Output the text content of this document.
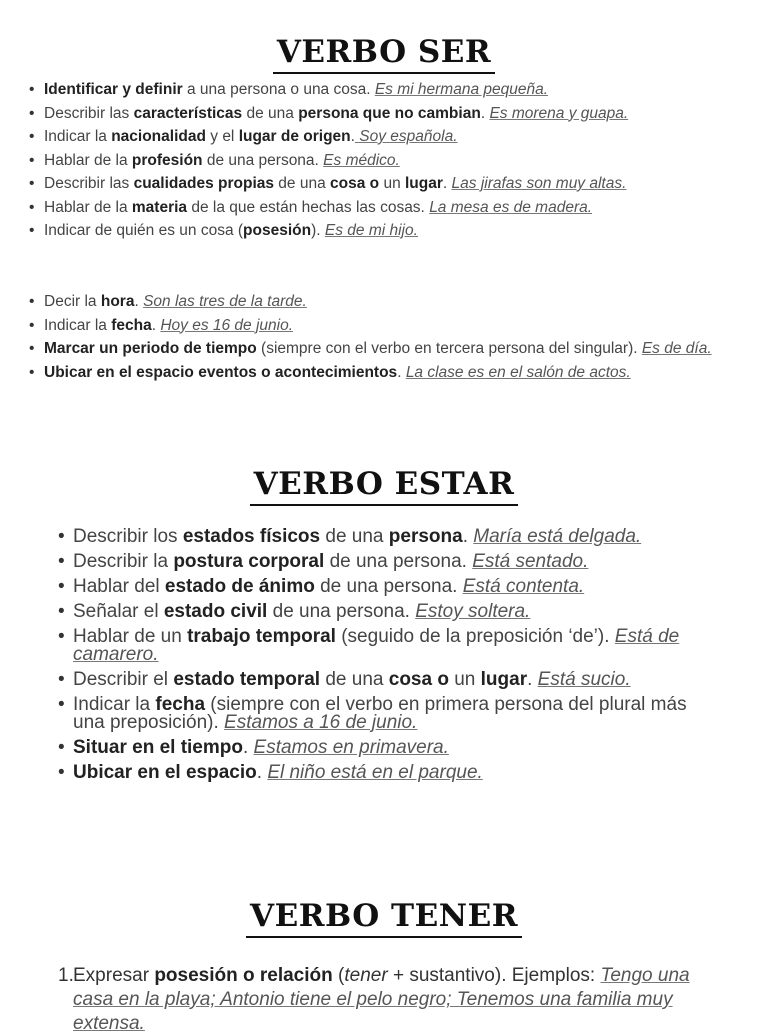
VERBO SER
• Identificar y definir a una persona o una cosa. Es mi hermana pequeña.
• Describir las características de una persona que no cambian. Es morena y guapa.
• Indicar la nacionalidad y el lugar de origen. Soy española.
• Hablar de la profesión de una persona. Es médico.
• Describir las cualidades propias de una cosa o un lugar. Las jirafas son muy altas.
• Hablar de la materia de la que están hechas las cosas. La mesa es de madera.
• Indicar de quién es un cosa (posesión). Es de mi hijo.
• Decir la hora. Son las tres de la tarde.
• Indicar la fecha. Hoy es 16 de junio.
• Marcar un periodo de tiempo (siempre con el verbo en tercera persona del singular). Es de día.
• Ubicar en el espacio eventos o acontecimientos. La clase es en el salón de actos.
VERBO ESTAR
• Describir los estados físicos de una persona. María está delgada.
• Describir la postura corporal de una persona. Está sentado.
• Hablar del estado de ánimo de una persona. Está contenta.
• Señalar el estado civil de una persona. Estoy soltera.
• Hablar de un trabajo temporal (seguido de la preposición ‘de’). Está de camarero.
• Describir el estado temporal de una cosa o un lugar. Está sucio.
• Indicar la fecha (siempre con el verbo en primera persona del plural más una preposición). Estamos a 16 de junio.
• Situar en el tiempo. Estamos en primavera.
• Ubicar en el espacio. El niño está en el parque.
VERBO TENER
1. Expresar posesión o relación (tener + sustantivo). Ejemplos: Tengo una casa en la playa; Antonio tiene el pelo negro; Tenemos una familia muy extensa.
